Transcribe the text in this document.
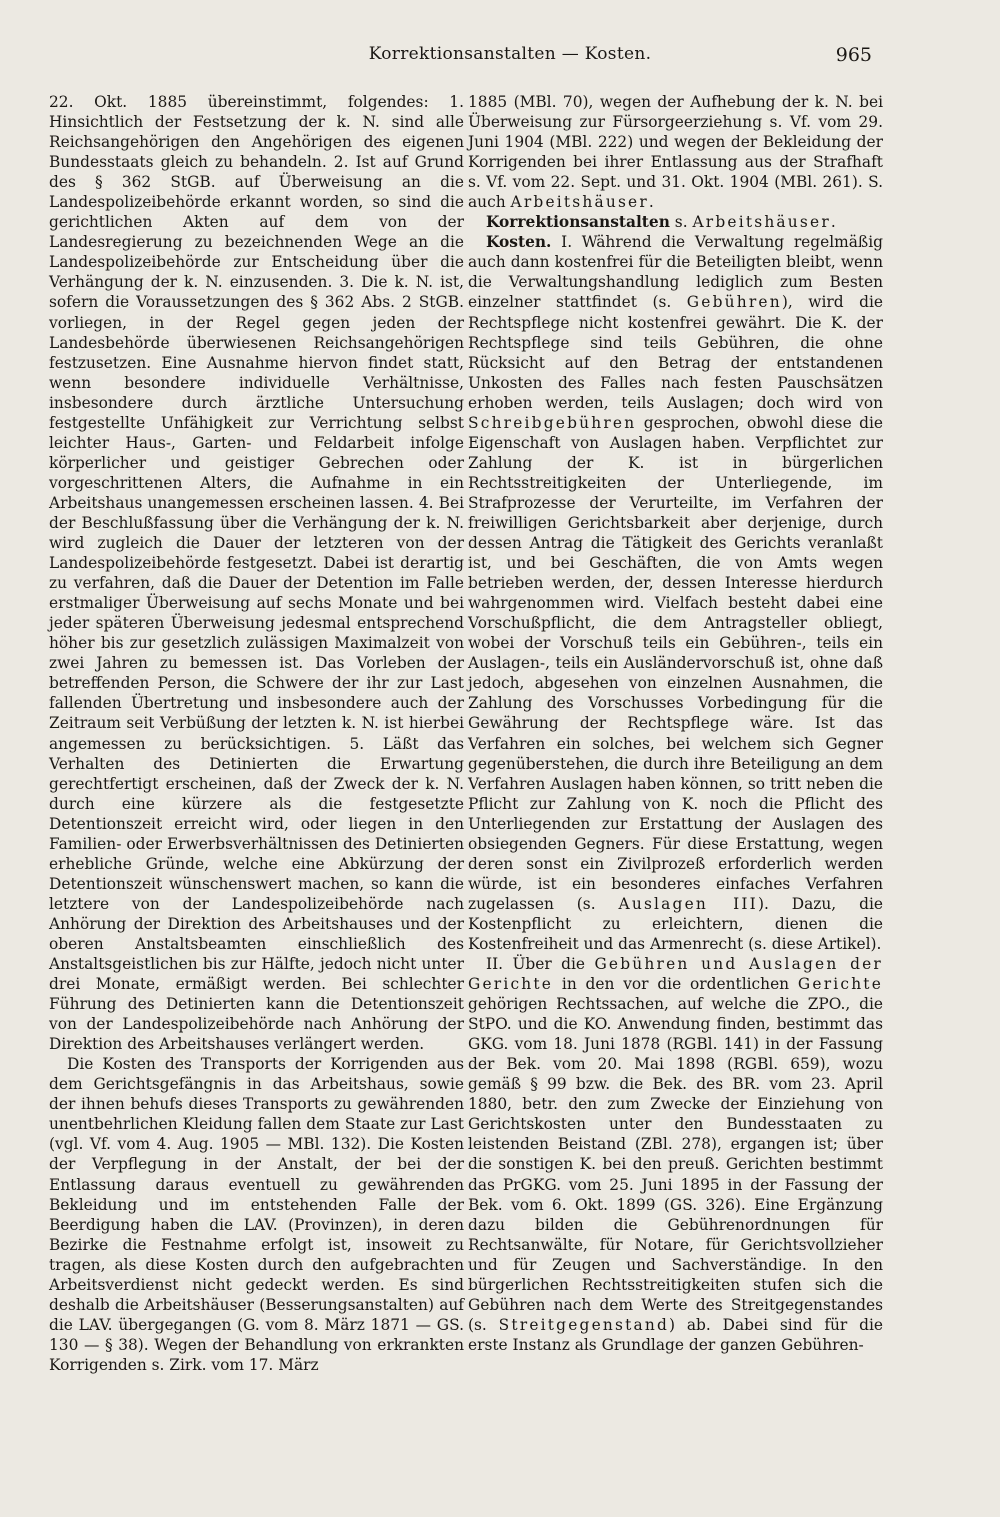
Korrektionsanstalten — Kosten.	965

22. Okt. 1885 übereinstimmt, folgendes: 1. Hinsichtlich der Festsetzung der k. N. sind alle Reichsangehörigen den Angehörigen des eigenen Bundesstaats gleich zu behandeln. 2. Ist auf Grund des § 362 StGB. auf Überweisung an die Landespolizeibehörde erkannt worden, so sind die gerichtlichen Akten auf dem von der Landesregierung zu bezeichnenden Wege an die Landespolizeibehörde zur Entscheidung über die Verhängung der k. N. einzusenden. 3. Die k. N. ist, sofern die Voraussetzungen des § 362 Abs. 2 StGB. vorliegen, in der Regel gegen jeden der Landesbehörde überwiesenen Reichsangehörigen festzusetzen. Eine Ausnahme hiervon findet statt, wenn besondere individuelle Verhältnisse, insbesondere durch ärztliche Untersuchung festgestellte Unfähigkeit zur Verrichtung selbst leichter Haus-, Garten- und Feldarbeit infolge körperlicher und geistiger Gebrechen oder vorgeschrittenen Alters, die Aufnahme in ein Arbeitshaus unangemessen erscheinen lassen. 4. Bei der Beschlußfassung über die Verhängung der k. N. wird zugleich die Dauer der letzteren von der Landespolizeibehörde festgesetzt. Dabei ist derartig zu verfahren, daß die Dauer der Detention im Falle erstmaliger Überweisung auf sechs Monate und bei jeder späteren Überweisung jedesmal entsprechend höher bis zur gesetzlich zulässigen Maximalzeit von zwei Jahren zu bemessen ist. Das Vorleben der betreffenden Person, die Schwere der ihr zur Last fallenden Übertretung und insbesondere auch der Zeitraum seit Verbüßung der letzten k. N. ist hierbei angemessen zu berücksichtigen. 5. Läßt das Verhalten des Detinierten die Erwartung gerechtfertigt erscheinen, daß der Zweck der k. N. durch eine kürzere als die festgesetzte Detentionszeit erreicht wird, oder liegen in den Familien- oder Erwerbsverhältnissen des Detinierten erhebliche Gründe, welche eine Abkürzung der Detentionszeit wünschenswert machen, so kann die letztere von der Landespolizeibehörde nach Anhörung der Direktion des Arbeitshauses und der oberen Anstaltsbeamten einschließlich des Anstaltsgeistlichen bis zur Hälfte, jedoch nicht unter drei Monate, ermäßigt werden. Bei schlechter Führung des Detinierten kann die Detentionszeit von der Landespolizeibehörde nach Anhörung der Direktion des Arbeitshauses verlängert werden.

Die Kosten des Transports der Korrigenden aus dem Gerichtsgefängnis in das Arbeitshaus, sowie der ihnen behufs dieses Transports zu gewährenden unentbehrlichen Kleidung fallen dem Staate zur Last (vgl. Vf. vom 4. Aug. 1905 — MBl. 132). Die Kosten der Verpflegung in der Anstalt, der bei der Entlassung daraus eventuell zu gewährenden Bekleidung und im entstehenden Falle der Beerdigung haben die LAV. (Provinzen), in deren Bezirke die Festnahme erfolgt ist, insoweit zu tragen, als diese Kosten durch den aufgebrachten Arbeitsverdienst nicht gedeckt werden. Es sind deshalb die Arbeitshäuser (Besserungsanstalten) auf die LAV. übergegangen (G. vom 8. März 1871 — GS. 130 — § 38). Wegen der Behandlung von erkrankten Korrigenden s. Zirk. vom 17. März

1885 (MBl. 70), wegen der Aufhebung der k. N. bei Überweisung zur Fürsorgeerziehung s. Vf. vom 29. Juni 1904 (MBl. 222) und wegen der Bekleidung der Korrigenden bei ihrer Entlassung aus der Strafhaft s. Vf. vom 22. Sept. und 31. Okt. 1904 (MBl. 261). S. auch Arbeitshäuser.

Korrektionsanstalten s. Arbeitshäuser.

Kosten. I. Während die Verwaltung regelmäßig auch dann kostenfrei für die Beteiligten bleibt, wenn die Verwaltungshandlung lediglich zum Besten einzelner stattfindet (s. Gebühren), wird die Rechtspflege nicht kostenfrei gewährt. Die K. der Rechtspflege sind teils Gebühren, die ohne Rücksicht auf den Betrag der entstandenen Unkosten des Falles nach festen Pauschsätzen erhoben werden, teils Auslagen; doch wird von Schreibgebühren gesprochen, obwohl diese die Eigenschaft von Auslagen haben. Verpflichtet zur Zahlung der K. ist in bürgerlichen Rechtsstreitigkeiten der Unterliegende, im Strafprozesse der Verurteilte, im Verfahren der freiwilligen Gerichtsbarkeit aber derjenige, durch dessen Antrag die Tätigkeit des Gerichts veranlaßt ist, und bei Geschäften, die von Amts wegen betrieben werden, der, dessen Interesse hierdurch wahrgenommen wird. Vielfach besteht dabei eine Vorschußpflicht, die dem Antragsteller obliegt, wobei der Vorschuß teils ein Gebühren-, teils ein Auslagen-, teils ein Ausländervorschuß ist, ohne daß jedoch, abgesehen von einzelnen Ausnahmen, die Zahlung des Vorschusses Vorbedingung für die Gewährung der Rechtspflege wäre. Ist das Verfahren ein solches, bei welchem sich Gegner gegenüberstehen, die durch ihre Beteiligung an dem Verfahren Auslagen haben können, so tritt neben die Pflicht zur Zahlung von K. noch die Pflicht des Unterliegenden zur Erstattung der Auslagen des obsiegenden Gegners. Für diese Erstattung, wegen deren sonst ein Zivilprozeß erforderlich werden würde, ist ein besonderes einfaches Verfahren zugelassen (s. Auslagen III). Dazu, die Kostenpflicht zu erleichtern, dienen die Kostenfreiheit und das Armenrecht (s. diese Artikel).

II. Über die Gebühren und Auslagen der Gerichte in den vor die ordentlichen Gerichte gehörigen Rechtssachen, auf welche die ZPO., die StPO. und die KO. Anwendung finden, bestimmt das GKG. vom 18. Juni 1878 (RGBl. 141) in der Fassung der Bek. vom 20. Mai 1898 (RGBl. 659), wozu gemäß § 99 bzw. die Bek. des BR. vom 23. April 1880, betr. den zum Zwecke der Einziehung von Gerichtskosten unter den Bundesstaaten zu leistenden Beistand (ZBl. 278), ergangen ist; über die sonstigen K. bei den preuß. Gerichten bestimmt das PrGKG. vom 25. Juni 1895 in der Fassung der Bek. vom 6. Okt. 1899 (GS. 326). Eine Ergänzung dazu bilden die Gebührenordnungen für Rechtsanwälte, für Notare, für Gerichtsvollzieher und für Zeugen und Sachverständige. In den bürgerlichen Rechtsstreitigkeiten stufen sich die Gebühren nach dem Werte des Streitgegenstandes (s. Streitgegenstand) ab. Dabei sind für die erste Instanz als Grundlage der ganzen Gebühren-
